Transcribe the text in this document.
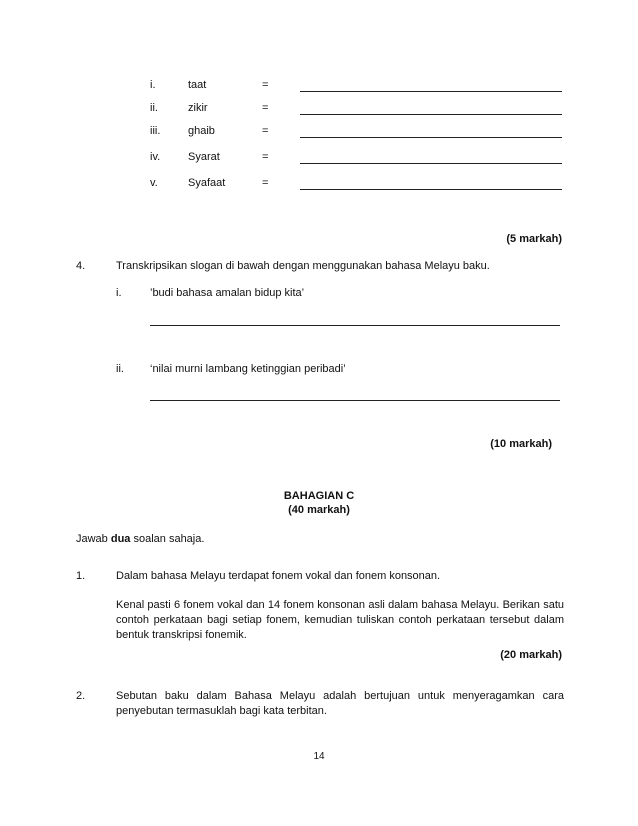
i.	taat	=
ii.	zikir	=
iii.	ghaib	=
iv.	Syarat	=
v.	Syafaat	=
(5 markah)
4.	Transkripsikan slogan di bawah dengan menggunakan bahasa Melayu baku.
i.	’budi bahasa amalan bidup kita’
ii. ‘nilai murni lambang ketinggian peribadi’
(10 markah)
BAHAGIAN C
(40 markah)
Jawab dua soalan sahaja.
1.	Dalam bahasa Melayu terdapat fonem vokal dan fonem konsonan.
Kenal pasti 6 fonem vokal dan 14 fonem konsonan asli dalam bahasa Melayu. Berikan satu contoh perkataan bagi setiap fonem, kemudian tuliskan contoh perkataan tersebut dalam bentuk transkripsi fonemik.
(20 markah)
2.	Sebutan baku dalam Bahasa Melayu adalah bertujuan untuk menyeragamkan cara penyebutan termasuklah bagi kata terbitan.
14
